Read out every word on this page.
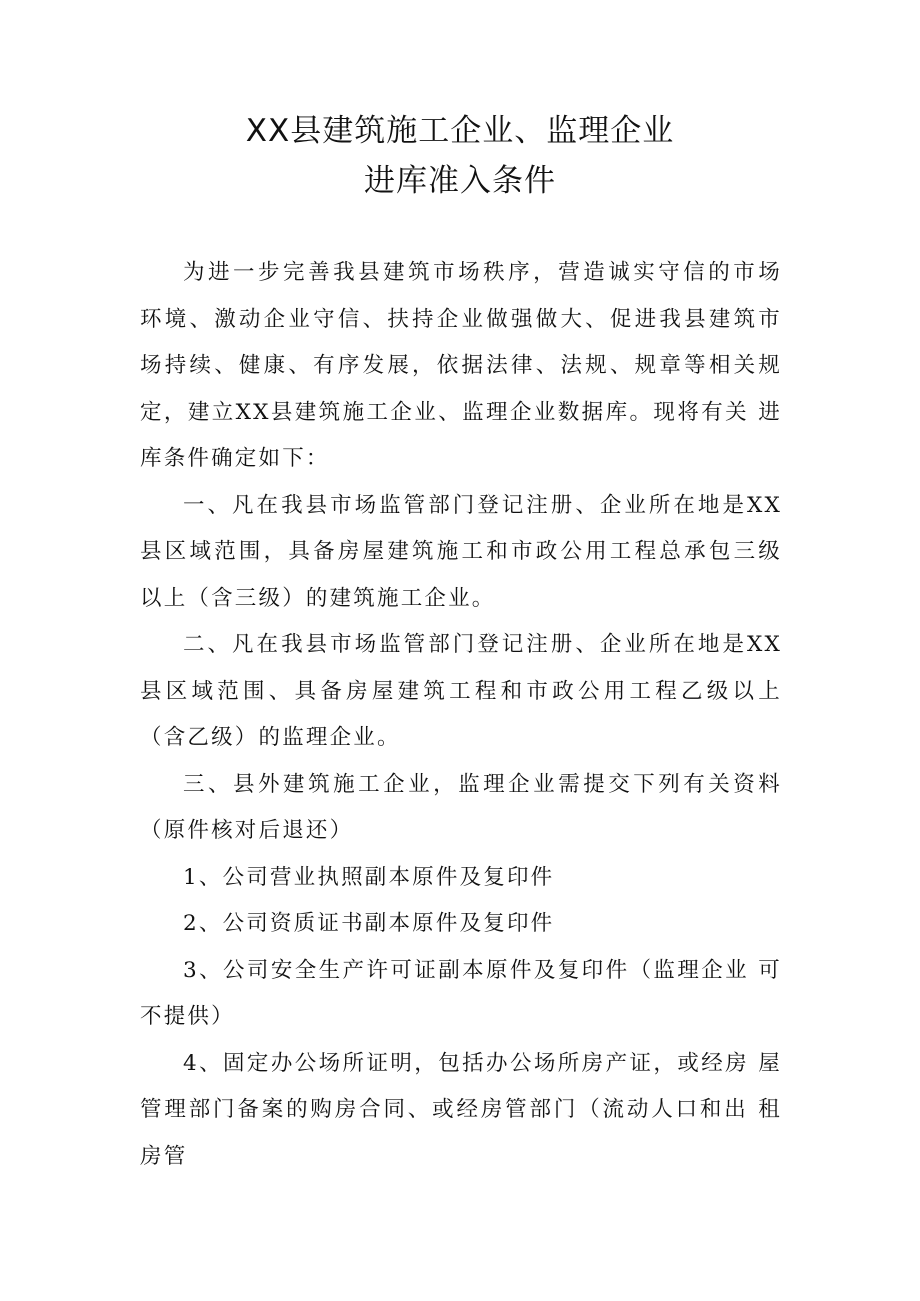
XX县建筑施工企业、监理企业
进库准入条件

为进一步完善我县建筑市场秩序，营造诚实守信的市场 环境、激动企业守信、扶持企业做强做大、促进我县建筑市 场持续、健康、有序发展，依据法律、法规、规章等相关规 定，建立XX县建筑施工企业、监理企业数据库。现将有关 进库条件确定如下：

一、凡在我县市场监管部门登记注册、企业所在地是XX 县区域范围，具备房屋建筑施工和市政公用工程总承包三级 以上（含三级）的建筑施工企业。

二、凡在我县市场监管部门登记注册、企业所在地是XX 县区域范围、具备房屋建筑工程和市政公用工程乙级以上 （含乙级）的监理企业。

三、县外建筑施工企业，监理企业需提交下列有关资料 （原件核对后退还）

1、公司营业执照副本原件及复印件

2、公司资质证书副本原件及复印件

3、公司安全生产许可证副本原件及复印件（监理企业 可不提供）

4、固定办公场所证明，包括办公场所房产证，或经房 屋管理部门备案的购房合同、或经房管部门（流动人口和出 租房管
